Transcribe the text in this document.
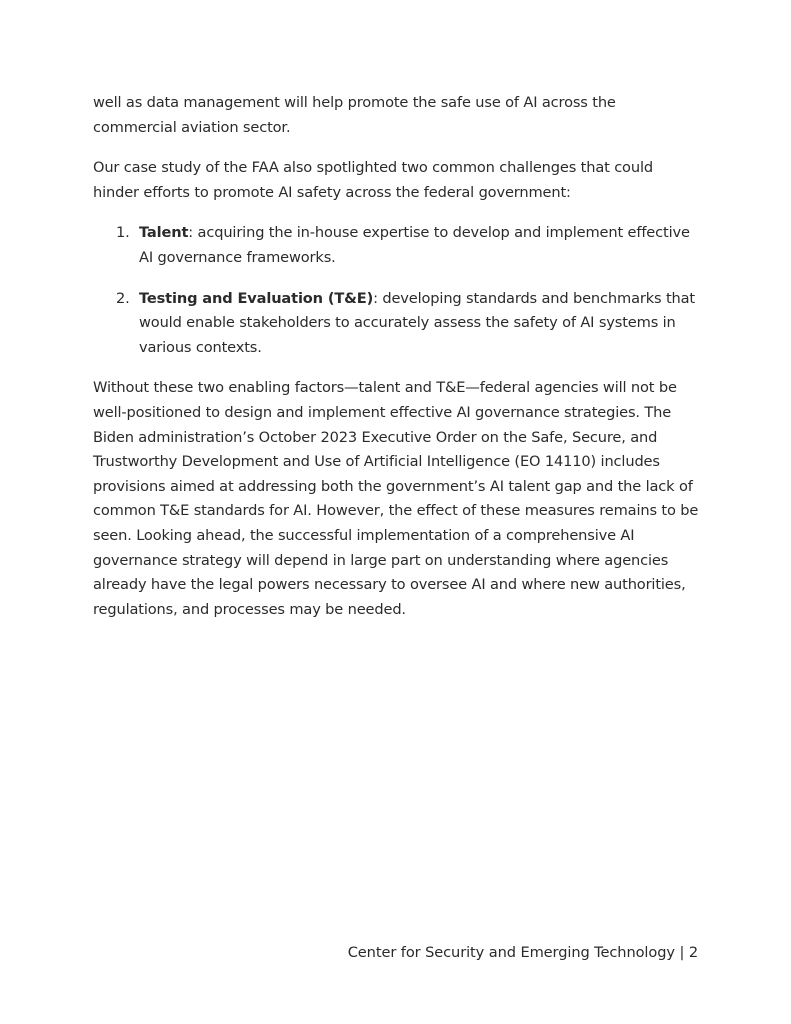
well as data management will help promote the safe use of AI across the commercial aviation sector.

Our case study of the FAA also spotlighted two common challenges that could hinder efforts to promote AI safety across the federal government:

1. Talent: acquiring the in-house expertise to develop and implement effective AI governance frameworks.
2. Testing and Evaluation (T&E): developing standards and benchmarks that would enable stakeholders to accurately assess the safety of AI systems in various contexts.

Without these two enabling factors—talent and T&E—federal agencies will not be well-positioned to design and implement effective AI governance strategies. The Biden administration’s October 2023 Executive Order on the Safe, Secure, and Trustworthy Development and Use of Artificial Intelligence (EO 14110) includes provisions aimed at addressing both the government’s AI talent gap and the lack of common T&E standards for AI. However, the effect of these measures remains to be seen. Looking ahead, the successful implementation of a comprehensive AI governance strategy will depend in large part on understanding where agencies already have the legal powers necessary to oversee AI and where new authorities, regulations, and processes may be needed.

Center for Security and Emerging Technology | 2
